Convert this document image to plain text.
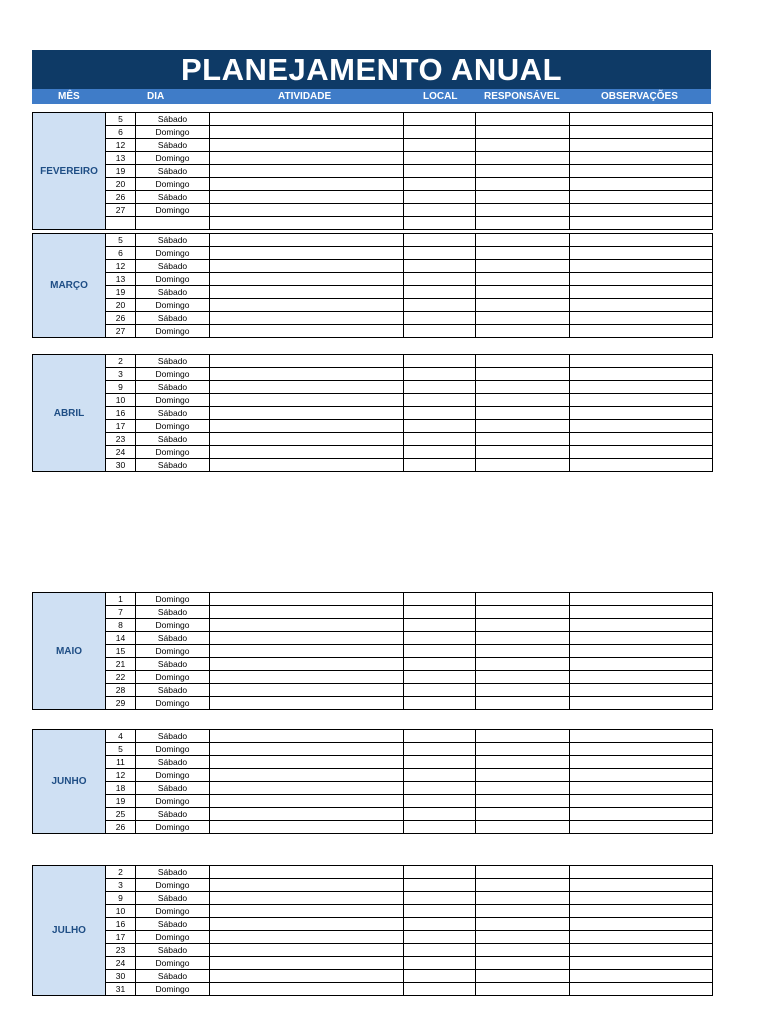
PLANEJAMENTO ANUAL
MÊS	DIA	ATIVIDADE	LOCAL	RESPONSÁVEL	OBSERVAÇÕES
FEVEREIRO	5	Sábado				
	6	Domingo				
	12	Sábado				
	13	Domingo				
	19	Sábado				
	20	Domingo				
	26	Sábado				
	27	Domingo				

MARÇO	5	Sábado				
	6	Domingo				
	12	Sábado				
	13	Domingo				
	19	Sábado				
	20	Domingo				
	26	Sábado				
	27	Domingo				
ABRIL	2	Sábado				
	3	Domingo				
	9	Sábado				
	10	Domingo				
	16	Sábado				
	17	Domingo				
	23	Sábado				
	24	Domingo				
	30	Sábado				
MAIO	1	Domingo				
	7	Sábado				
	8	Domingo				
	14	Sábado				
	15	Domingo				
	21	Sábado				
	22	Domingo				
	28	Sábado				
	29	Domingo				
JUNHO	4	Sábado				
	5	Domingo				
	11	Sábado				
	12	Domingo				
	18	Sábado				
	19	Domingo				
	25	Sábado				
	26	Domingo				
JULHO	2	Sábado				
	3	Domingo				
	9	Sábado				
	10	Domingo				
	16	Sábado				
	17	Domingo				
	23	Sábado				
	24	Domingo				
	30	Sábado				
	31	Domingo				
